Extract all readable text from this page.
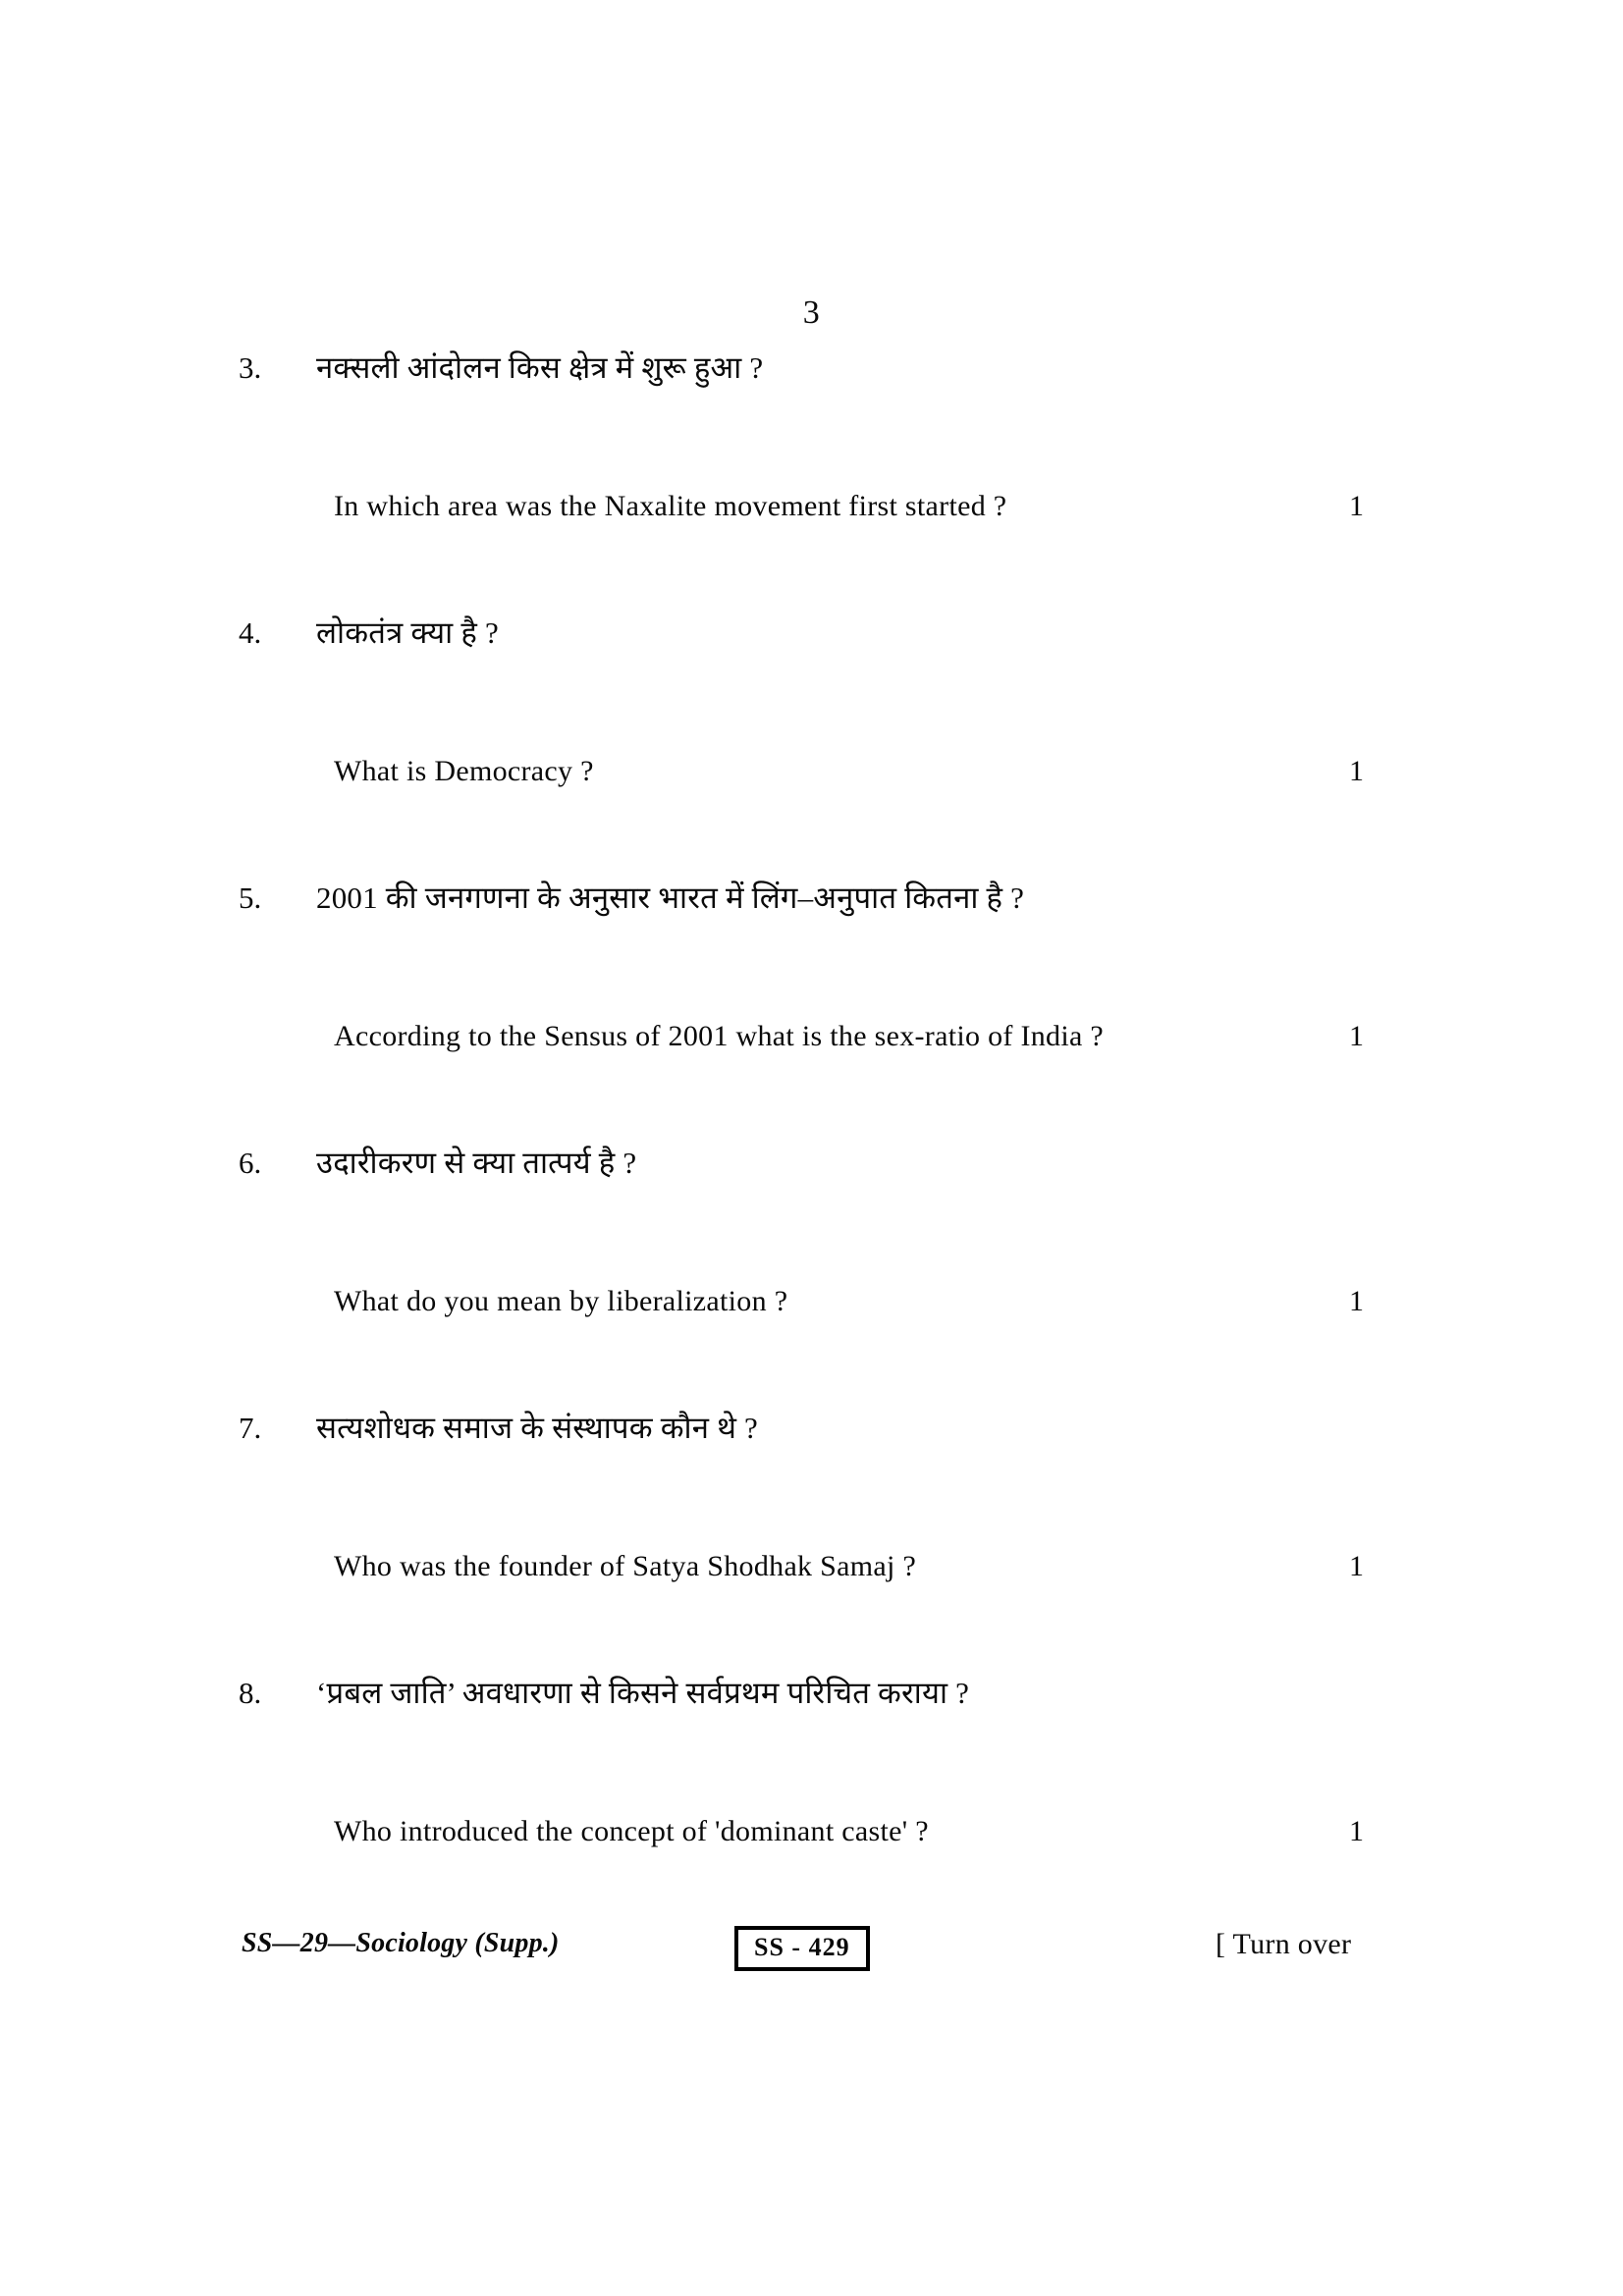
3
3.	नक्सली आंदोलन किस क्षेत्र में शुरू हुआ ?
In which area was the Naxalite movement first started ?	1
4.	लोकतंत्र क्या है ?
What is Democracy ?	1
5.	2001 की जनगणना के अनुसार भारत में लिंग–अनुपात कितना है ?
According to the Sensus of 2001 what is the sex-ratio of India ?	1
6.	उदारीकरण से क्या तात्पर्य है ?
What do you mean by liberalization ?	1
7.	सत्यशोधक समाज के संस्थापक कौन थे ?
Who was the founder of Satya Shodhak Samaj ?	1
8.	‘प्रबल जाति’ अवधारणा से किसने सर्वप्रथम परिचित कराया ?
Who introduced the concept of 'dominant caste' ?	1
SS—29—Sociology (Supp.)	SS - 429	[ Turn over
